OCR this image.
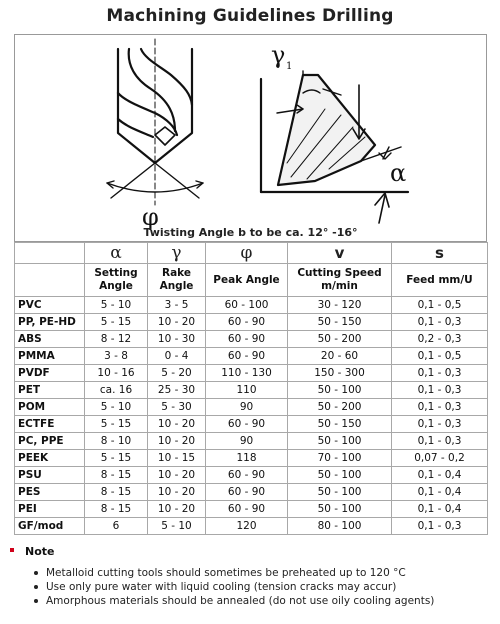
Machining Guidelines Drilling
φ
γ 1
α
Twisting Angle b to be ca. 12° -16°
	α	γ	φ	v	s
	Setting Angle	Rake Angle	Peak Angle	Cutting Speed m/min	Feed mm/U
PVC	5 - 10	3 - 5	60 - 100	30 - 120	0,1 - 0,5
PP, PE-HD	5 - 15	10 - 20	60 - 90	50 - 150	0,1 - 0,3
ABS	8 - 12	10 - 30	60 - 90	50 - 200	0,2 - 0,3
PMMA	3 - 8	0 - 4	60 - 90	20 - 60	0,1 - 0,5
PVDF	10 - 16	5 - 20	110 - 130	150 - 300	0,1 - 0,3
PET	ca. 16	25 - 30	110	50 - 100	0,1 - 0,3
POM	5 - 10	5 - 30	90	50 - 200	0,1 - 0,3
ECTFE	5 - 15	10 - 20	60 - 90	50 - 150	0,1 - 0,3
PC, PPE	8 - 10	10 - 20	90	50 - 100	0,1 - 0,3
PEEK	5 - 15	10 - 15	118	70 - 100	0,07 - 0,2
PSU	8 - 15	10 - 20	60 - 90	50 - 100	0,1 - 0,4
PES	8 - 15	10 - 20	60 - 90	50 - 100	0,1 - 0,4
PEI	8 - 15	10 - 20	60 - 90	50 - 100	0,1 - 0,4
GF/mod	6	5 - 10	120	80 - 100	0,1 - 0,3
Note
Metalloid cutting tools should sometimes be preheated up to 120 °C
Use only pure water with liquid cooling (tension cracks may accur)
Amorphous materials should be annealed (do not use oily cooling agents)
